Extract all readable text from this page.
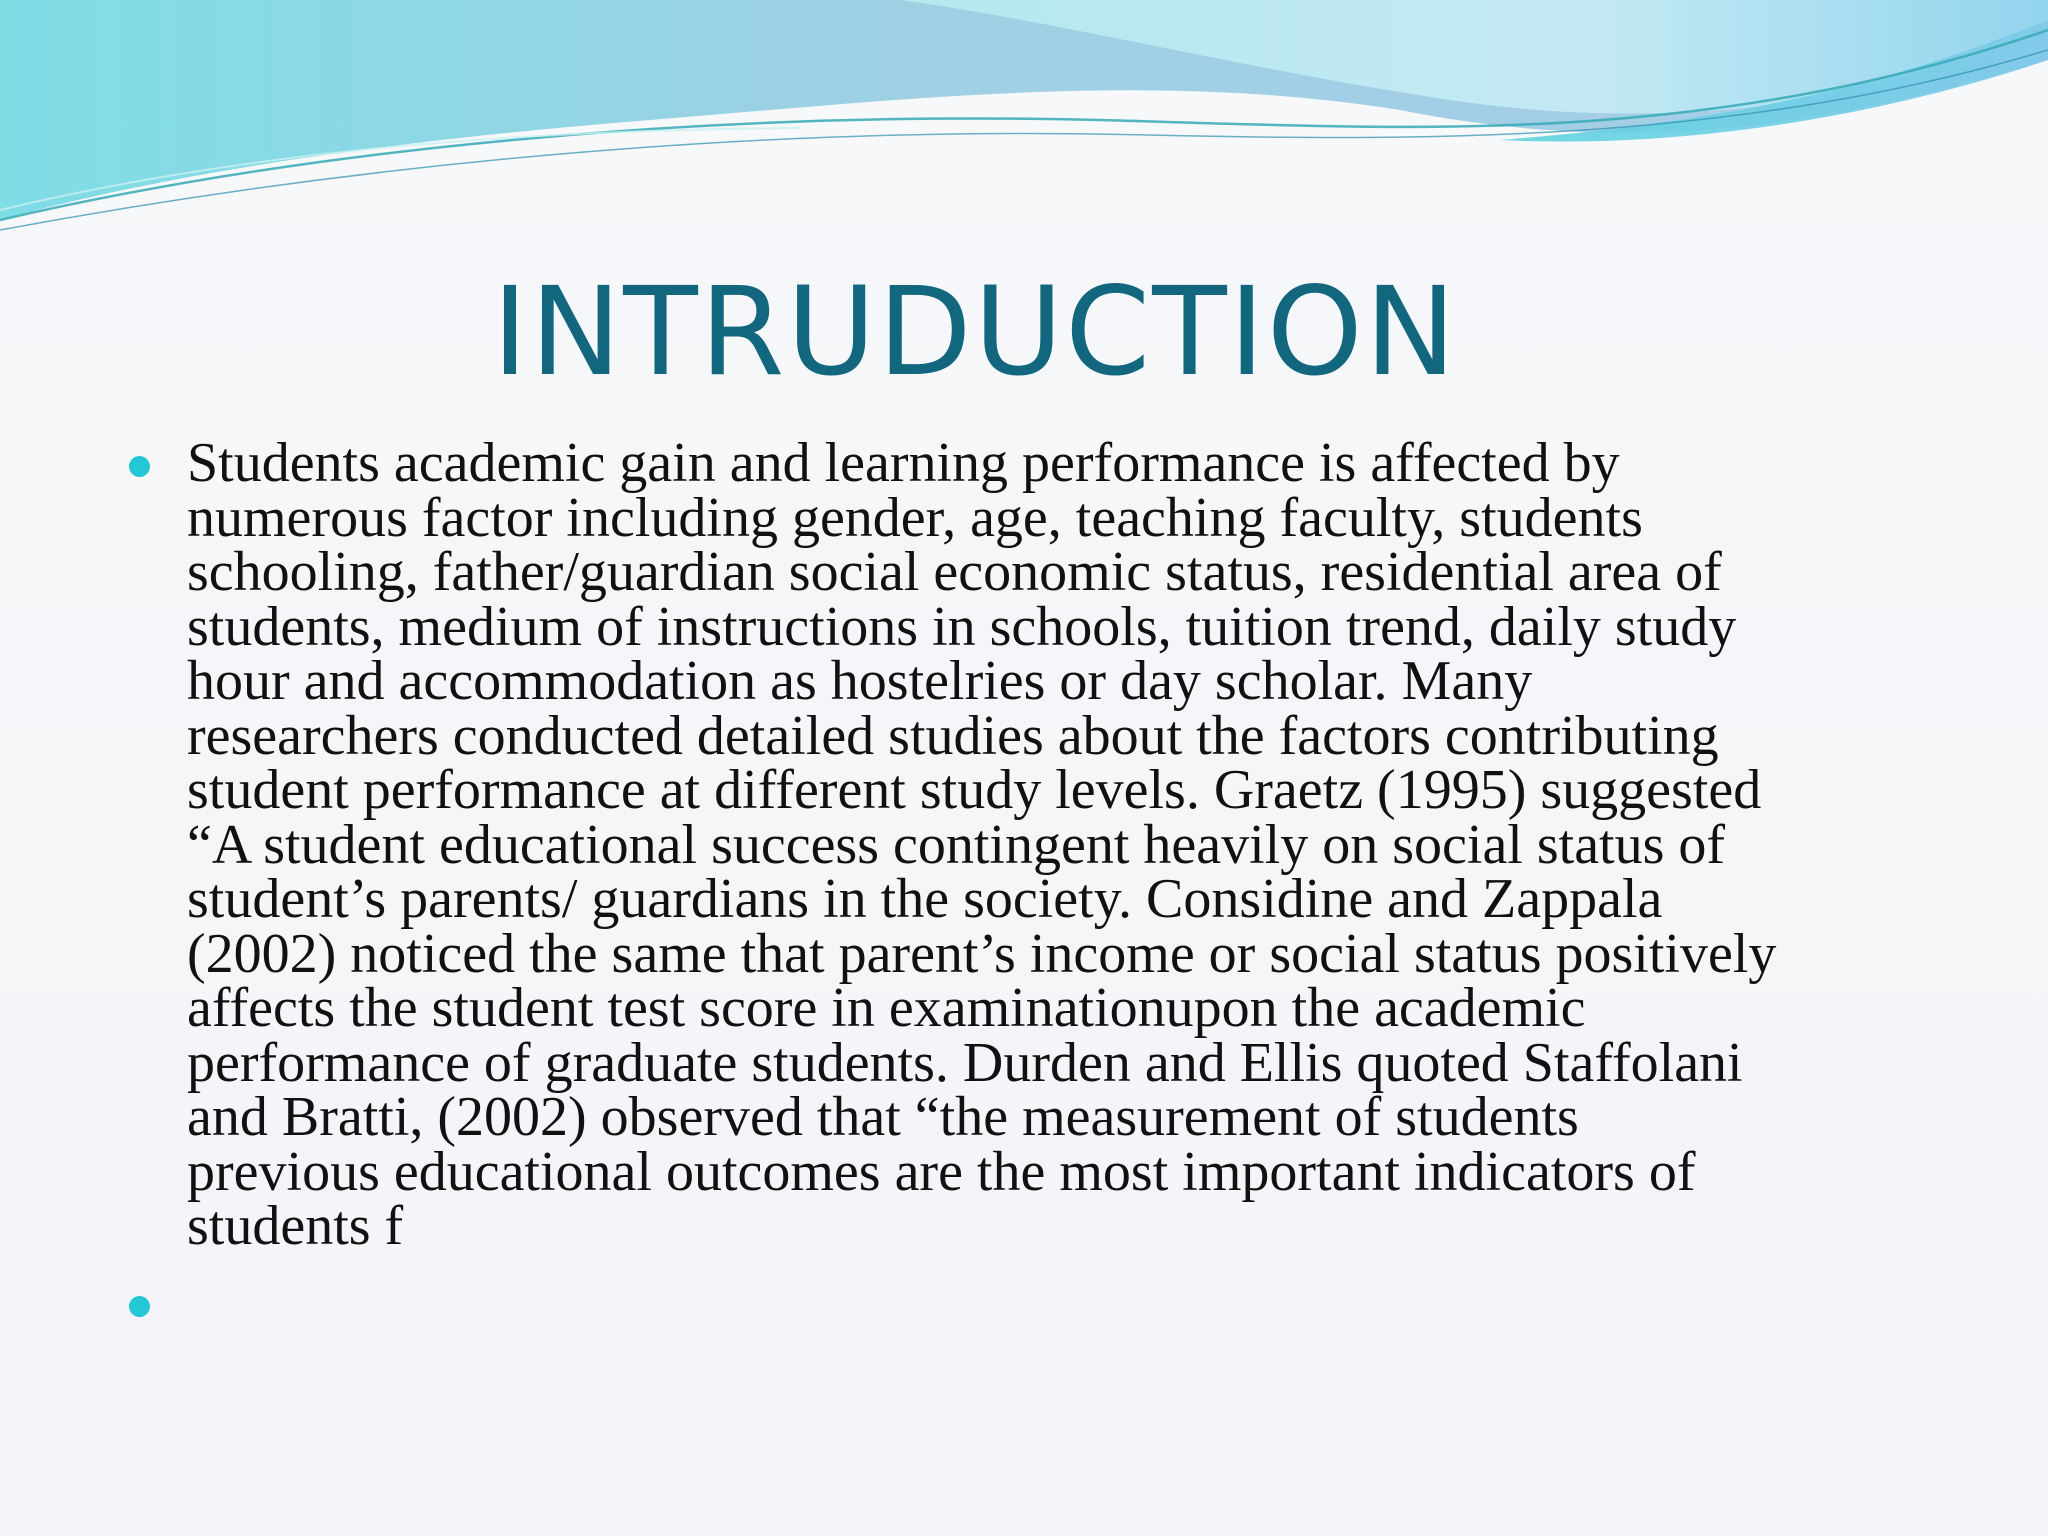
INTRUDUCTION
Students academic gain and learning performance is affected by
numerous factor including gender, age, teaching faculty, students
schooling, father/guardian social economic status, residential area of
students, medium of instructions in schools, tuition trend, daily study
hour and accommodation as hostelries or day scholar. Many
researchers conducted detailed studies about the factors contributing
student performance at different study levels. Graetz (1995) suggested
“A student educational success contingent heavily on social status of
student’s parents/ guardians in the society. Considine and Zappala
(2002) noticed the same that parent’s income or social status positively
affects the student test score in examinationupon the academic
performance of graduate students. Durden and Ellis quoted Staffolani
and Bratti, (2002) observed that “the measurement of students
previous educational outcomes are the most important indicators of
students f
